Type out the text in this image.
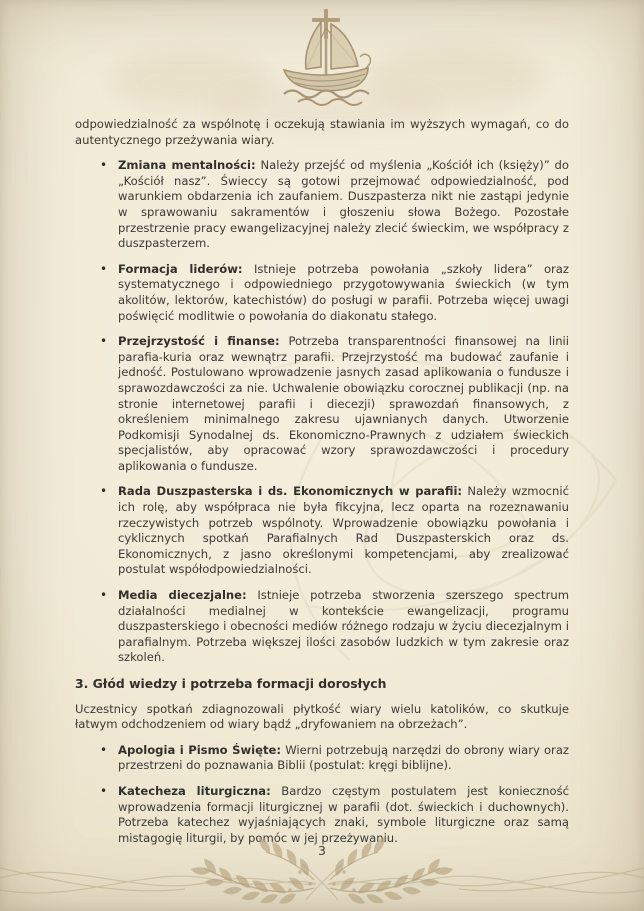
odpowiedzialność za wspólnotę i oczekują stawiania im wyższych wymagań, co do autentycznego przeżywania wiary.

• Zmiana mentalności: Należy przejść od myślenia „Kościół ich (księży)” do „Kościół nasz”. Świeccy są gotowi przejmować odpowiedzialność, pod warunkiem obdarzenia ich zaufaniem. Duszpasterza nikt nie zastąpi jedynie w sprawowaniu sakramentów i głoszeniu słowa Bożego. Pozostałe przestrzenie pracy ewangelizacyjnej należy zlecić świeckim, we współpracy z duszpasterzem.
• Formacja liderów: Istnieje potrzeba powołania „szkoły lidera” oraz systematycznego i odpowiedniego przygotowywania świeckich (w tym akolitów, lektorów, katechistów) do posługi w parafii. Potrzeba więcej uwagi poświęcić modlitwie o powołania do diakonatu stałego.
• Przejrzystość i finanse: Potrzeba transparentności finansowej na linii parafia-kuria oraz wewnątrz parafii. Przejrzystość ma budować zaufanie i jedność. Postulowano wprowadzenie jasnych zasad aplikowania o fundusze i sprawozdawczości za nie. Uchwalenie obowiązku corocznej publikacji (np. na stronie internetowej parafii i diecezji) sprawozdań finansowych, z określeniem minimalnego zakresu ujawnianych danych. Utworzenie Podkomisji Synodalnej ds. Ekonomiczno-Prawnych z udziałem świeckich specjalistów, aby opracować wzory sprawozdawczości i procedury aplikowania o fundusze.
• Rada Duszpasterska i ds. Ekonomicznych w parafii: Należy wzmocnić ich rolę, aby współpraca nie była fikcyjna, lecz oparta na rozeznawaniu rzeczywistych potrzeb wspólnoty. Wprowadzenie obowiązku powołania i cyklicznych spotkań Parafialnych Rad Duszpasterskich oraz ds. Ekonomicznych, z jasno określonymi kompetencjami, aby zrealizować postulat współodpowiedzialności.
• Media diecezjalne: Istnieje potrzeba stworzenia szerszego spectrum działalności medialnej w kontekście ewangelizacji, programu duszpasterskiego i obecności mediów różnego rodzaju w życiu diecezjalnym i parafialnym. Potrzeba większej ilości zasobów ludzkich w tym zakresie oraz szkoleń.
3. Głód wiedzy i potrzeba formacji dorosłych

Uczestnicy spotkań zdiagnozowali płytkość wiary wielu katolików, co skutkuje łatwym odchodzeniem od wiary bądź „dryfowaniem na obrzeżach”.

• Apologia i Pismo Święte: Wierni potrzebują narzędzi do obrony wiary oraz przestrzeni do poznawania Biblii (postulat: kręgi biblijne).
• Katecheza liturgiczna: Bardzo częstym postulatem jest konieczność wprowadzenia formacji liturgicznej w parafii (dot. świeckich i duchownych). Potrzeba katechez wyjaśniających znaki, symbole liturgiczne oraz samą mistagogię liturgii, by pomóc w jej przeżywaniu.
3
